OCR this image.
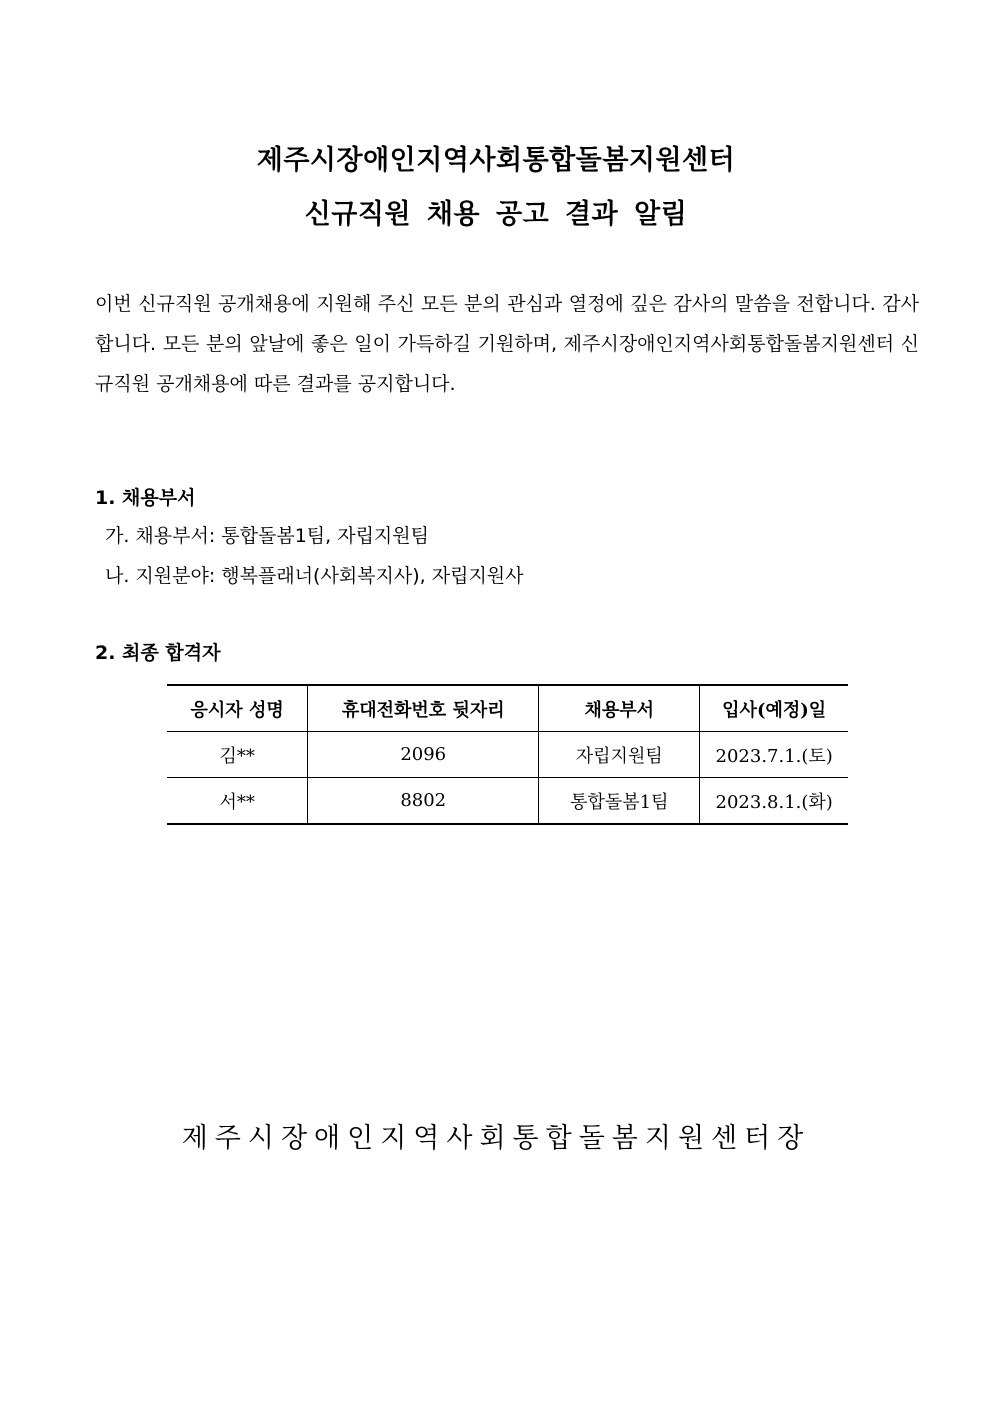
제주시장애인지역사회통합돌봄지원센터
신규직원 채용 공고 결과 알림
이번 신규직원 공개채용에 지원해 주신 모든 분의 관심과 열정에 깊은 감사의 말씀을 전합니다. 감사합니다. 모든 분의 앞날에 좋은 일이 가득하길 기원하며, 제주시장애인지역사회통합돌봄지원센터 신규직원 공개채용에 따른 결과를 공지합니다.
1. 채용부서
가. 채용부서: 통합돌봄1팀, 자립지원팀
나. 지원분야: 행복플래너(사회복지사), 자립지원사
2. 최종 합격자
응시자 성명	휴대전화번호 뒷자리	채용부서	입사(예정)일
김**	2096	자립지원팀	2023.7.1.(토)
서**	8802	통합돌봄1팀	2023.8.1.(화)
제주시장애인지역사회통합돌봄지원센터장
